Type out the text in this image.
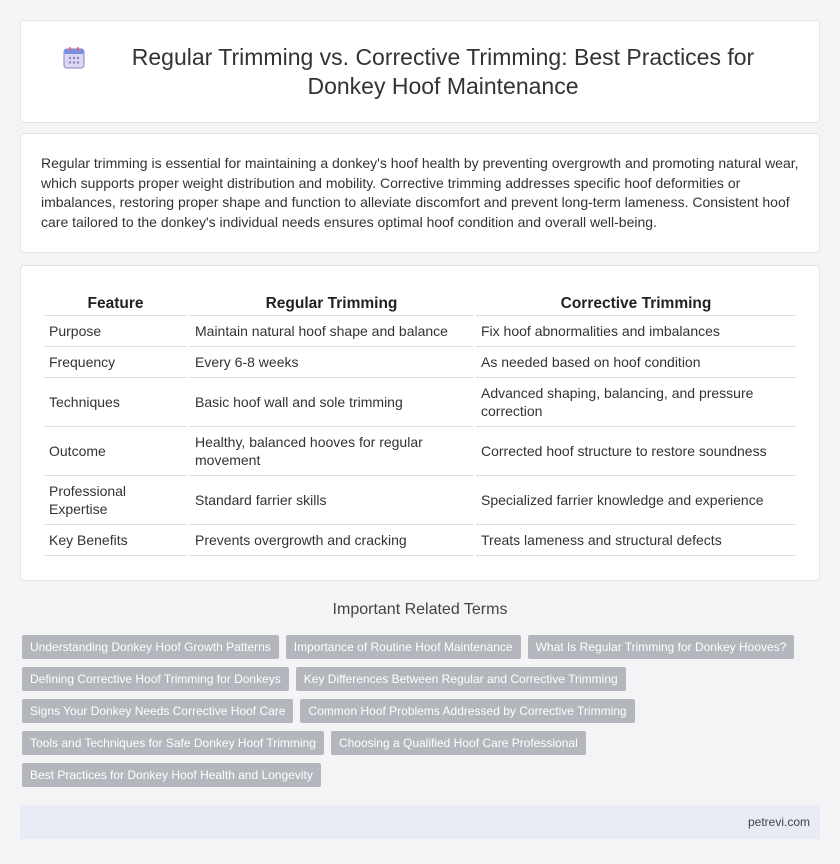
Regular Trimming vs. Corrective Trimming: Best Practices for Donkey Hoof Maintenance

Regular trimming is essential for maintaining a donkey's hoof health by preventing overgrowth and promoting natural wear, which supports proper weight distribution and mobility. Corrective trimming addresses specific hoof deformities or imbalances, restoring proper shape and function to alleviate discomfort and prevent long-term lameness. Consistent hoof care tailored to the donkey's individual needs ensures optimal hoof condition and overall well-being.

Feature	Regular Trimming	Corrective Trimming
Purpose	Maintain natural hoof shape and balance	Fix hoof abnormalities and imbalances
Frequency	Every 6-8 weeks	As needed based on hoof condition
Techniques	Basic hoof wall and sole trimming	Advanced shaping, balancing, and pressure correction
Outcome	Healthy, balanced hooves for regular movement	Corrected hoof structure to restore soundness
Professional Expertise	Standard farrier skills	Specialized farrier knowledge and experience
Key Benefits	Prevents overgrowth and cracking	Treats lameness and structural defects
Important Related Terms
Understanding Donkey Hoof Growth Patterns	Importance of Routine Hoof Maintenance	What Is Regular Trimming for Donkey Hooves?
Defining Corrective Hoof Trimming for Donkeys	Key Differences Between Regular and Corrective Trimming
Signs Your Donkey Needs Corrective Hoof Care	Common Hoof Problems Addressed by Corrective Trimming
Tools and Techniques for Safe Donkey Hoof Trimming	Choosing a Qualified Hoof Care Professional
Best Practices for Donkey Hoof Health and Longevity
petrevi.com
